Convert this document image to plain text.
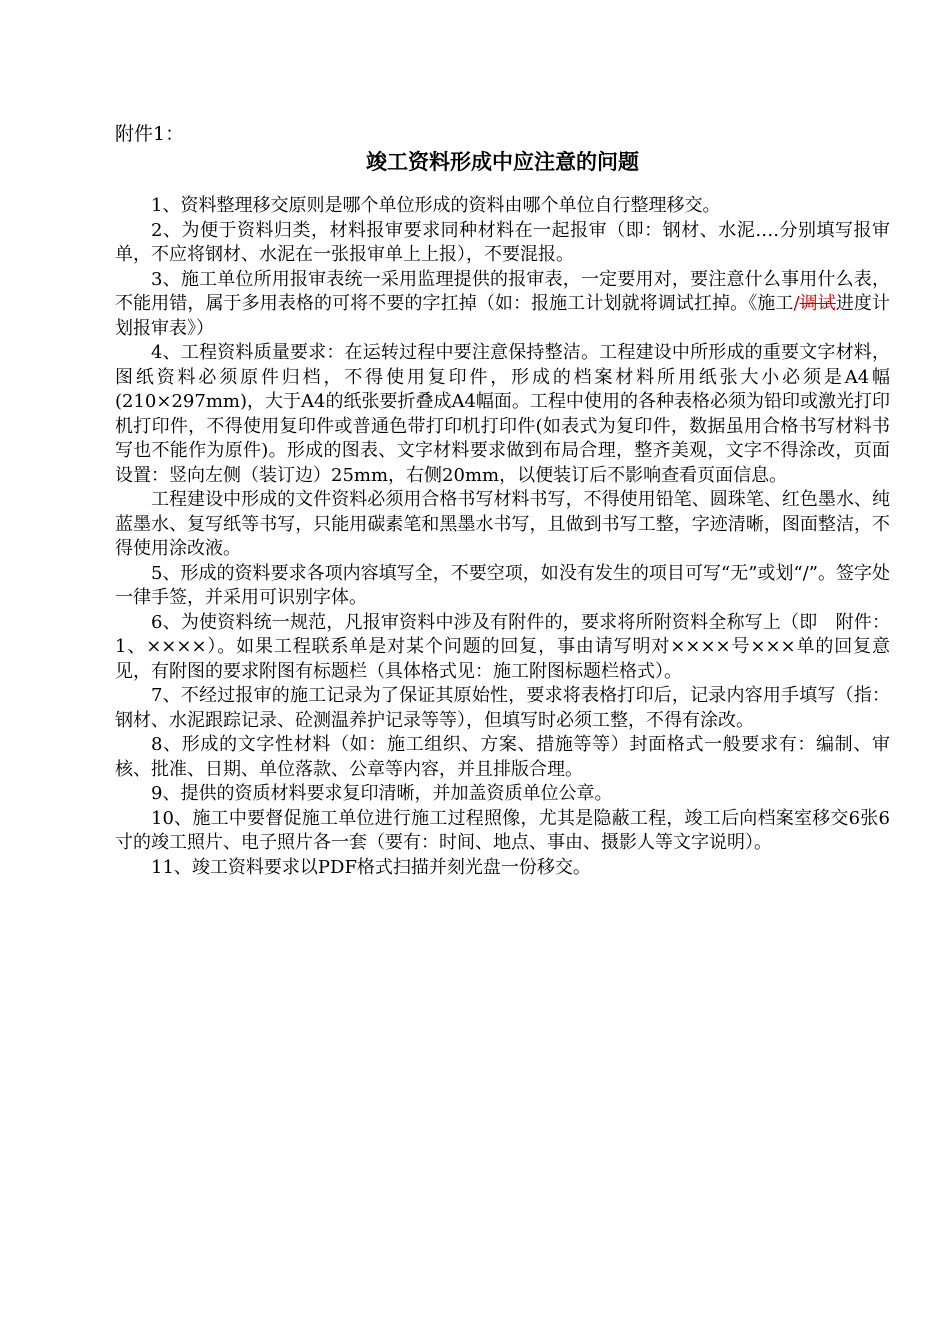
附件1：
竣工资料形成中应注意的问题

1、资料整理移交原则是哪个单位形成的资料由哪个单位自行整理移交。

2、为便于资料归类，材料报审要求同种材料在一起报审（即：钢材、水泥….分别填写报审单，不应将钢材、水泥在一张报审单上上报），不要混报。

3、施工单位所用报审表统一采用监理提供的报审表，一定要用对，要注意什么事用什么表，不能用错，属于多用表格的可将不要的字扛掉（如：报施工计划就将调试扛掉。《施工/调试进度计划报审表》）

4、工程资料质量要求：在运转过程中要注意保持整洁。工程建设中所形成的重要文字材料，图纸资料必须原件归档，不得使用复印件，形成的档案材料所用纸张大小必须是A4幅(210×297mm)，大于A4的纸张要折叠成A4幅面。工程中使用的各种表格必须为铅印或激光打印机打印件，不得使用复印件或普通色带打印机打印件(如表式为复印件，数据虽用合格书写材料书写也不能作为原件)。形成的图表、文字材料要求做到布局合理，整齐美观，文字不得涂改，页面设置：竖向左侧（装订边）25mm，右侧20mm，以便装订后不影响查看页面信息。

工程建设中形成的文件资料必须用合格书写材料书写，不得使用铅笔、圆珠笔、红色墨水、纯蓝墨水、复写纸等书写，只能用碳素笔和黑墨水书写，且做到书写工整，字迹清晰，图面整洁，不得使用涂改液。

5、形成的资料要求各项内容填写全，不要空项，如没有发生的项目可写“无”或划“/”。签字处一律手签，并采用可识别字体。

6、为使资料统一规范，凡报审资料中涉及有附件的，要求将所附资料全称写上（即　附件：1、××××）。如果工程联系单是对某个问题的回复，事由请写明对××××号×××单的回复意见，有附图的要求附图有标题栏（具体格式见：施工附图标题栏格式）。

7、不经过报审的施工记录为了保证其原始性，要求将表格打印后，记录内容用手填写（指：钢材、水泥跟踪记录、砼测温养护记录等等），但填写时必须工整，不得有涂改。

8、形成的文字性材料（如：施工组织、方案、措施等等）封面格式一般要求有：编制、审核、批准、日期、单位落款、公章等内容，并且排版合理。

9、提供的资质材料要求复印清晰，并加盖资质单位公章。

10、施工中要督促施工单位进行施工过程照像，尤其是隐蔽工程，竣工后向档案室移交6张6寸的竣工照片、电子照片各一套（要有：时间、地点、事由、摄影人等文字说明）。

11、竣工资料要求以PDF格式扫描并刻光盘一份移交。
